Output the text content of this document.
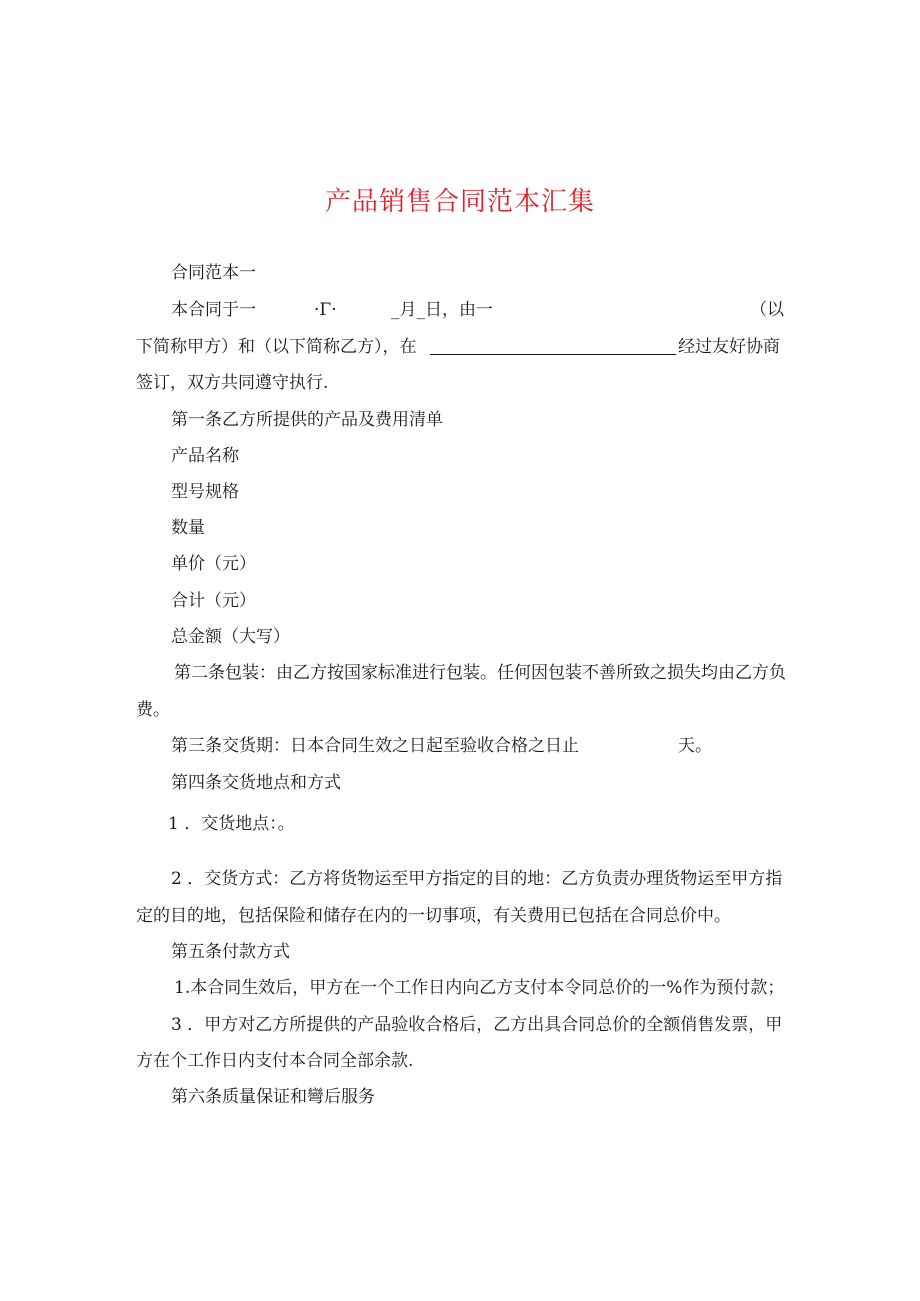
产品销售合同范本汇集
合同范本一
本合同于一	·Γ·	_月_日，由一	（以
下简称甲方）和（以下简称乙方），在	经过友好协商
签订，双方共同遵守执行.
第一条乙方所提供的产品及费用清单
产品名称
型号规格
数量
单价（元）
合计（元）
总金额（大写）
第二条包装：由乙方按国家标准进行包装。任何因包装不善所致之损失均由乙方负
费。
第三条交货期：日本合同生效之日起至验收合格之日止	天。
第四条交货地点和方式
1 ．交货地点：。
2 ．交货方式：乙方将货物运至甲方指定的目的地：乙方负责办理货物运至甲方指
定的目的地，包括保险和储存在内的一切事项，有关费用已包括在合同总价中。
第五条付款方式
1.本合同生效后，甲方在一个工作日内向乙方支付本令同总价的一%作为预付款；
3 ．甲方对乙方所提供的产品验收合格后，乙方出具合同总价的全额俏售发票，甲
方在个工作日内支付本合同全部余款.
第六条质量保证和彎后服务
